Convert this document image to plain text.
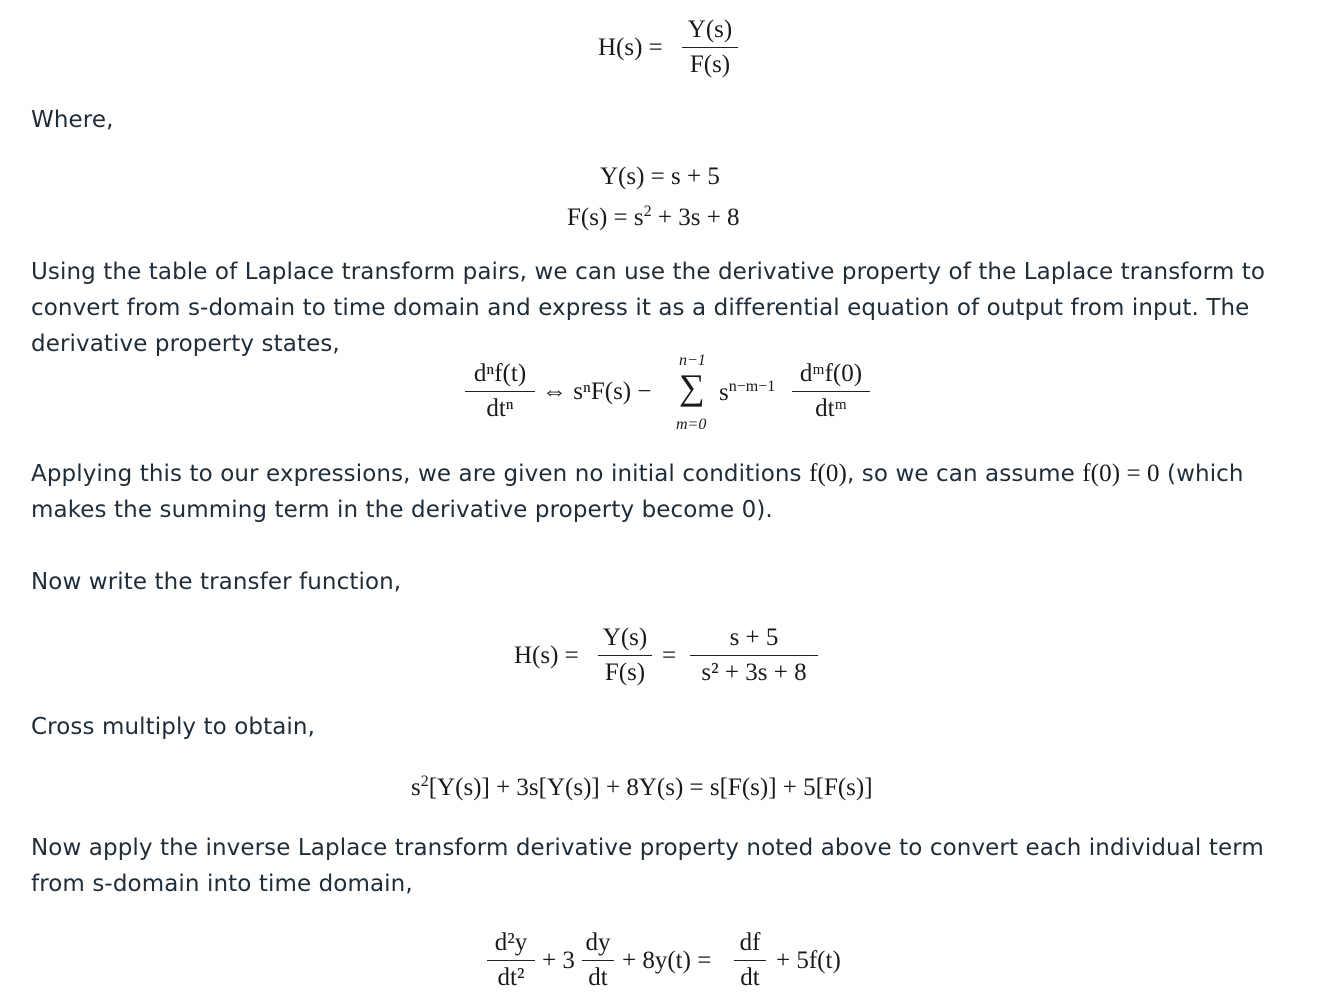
H(s) =
Y(s)
F(s)
Where,
Y(s) = s + 5
$F(s) = s^2 + 3s + 8$
Using the table of Laplace transform pairs, we can use the derivative property of the Laplace transform to convert from s-domain to time domain and express it as a differential equation of output from input. The derivative property states,
dⁿf(t)
dtⁿ
⇔ sⁿF(s) −
n−1
∑
m=0
$s^{n-m-1}$ dᵐf(0)
dtᵐ
Applying this to our expressions, we are given no initial conditions f(0), so we can assume f(0) = 0 (which makes the summing term in the derivative property become 0).
Now write the transfer function,
H(s) =
Y(s)
F(s)
=
s + 5
s² + 3s + 8
Cross multiply to obtain,
$s^2[Y(s)] + 3s[Y(s)] + 8Y(s) = s[F(s)] + 5[F(s)]$
Now apply the inverse Laplace transform derivative property noted above to convert each individual term from s-domain into time domain,
d²y
dt²
+ 3
dy
dt
+ 8y(t) =
df
dt
+ 5f(t)
